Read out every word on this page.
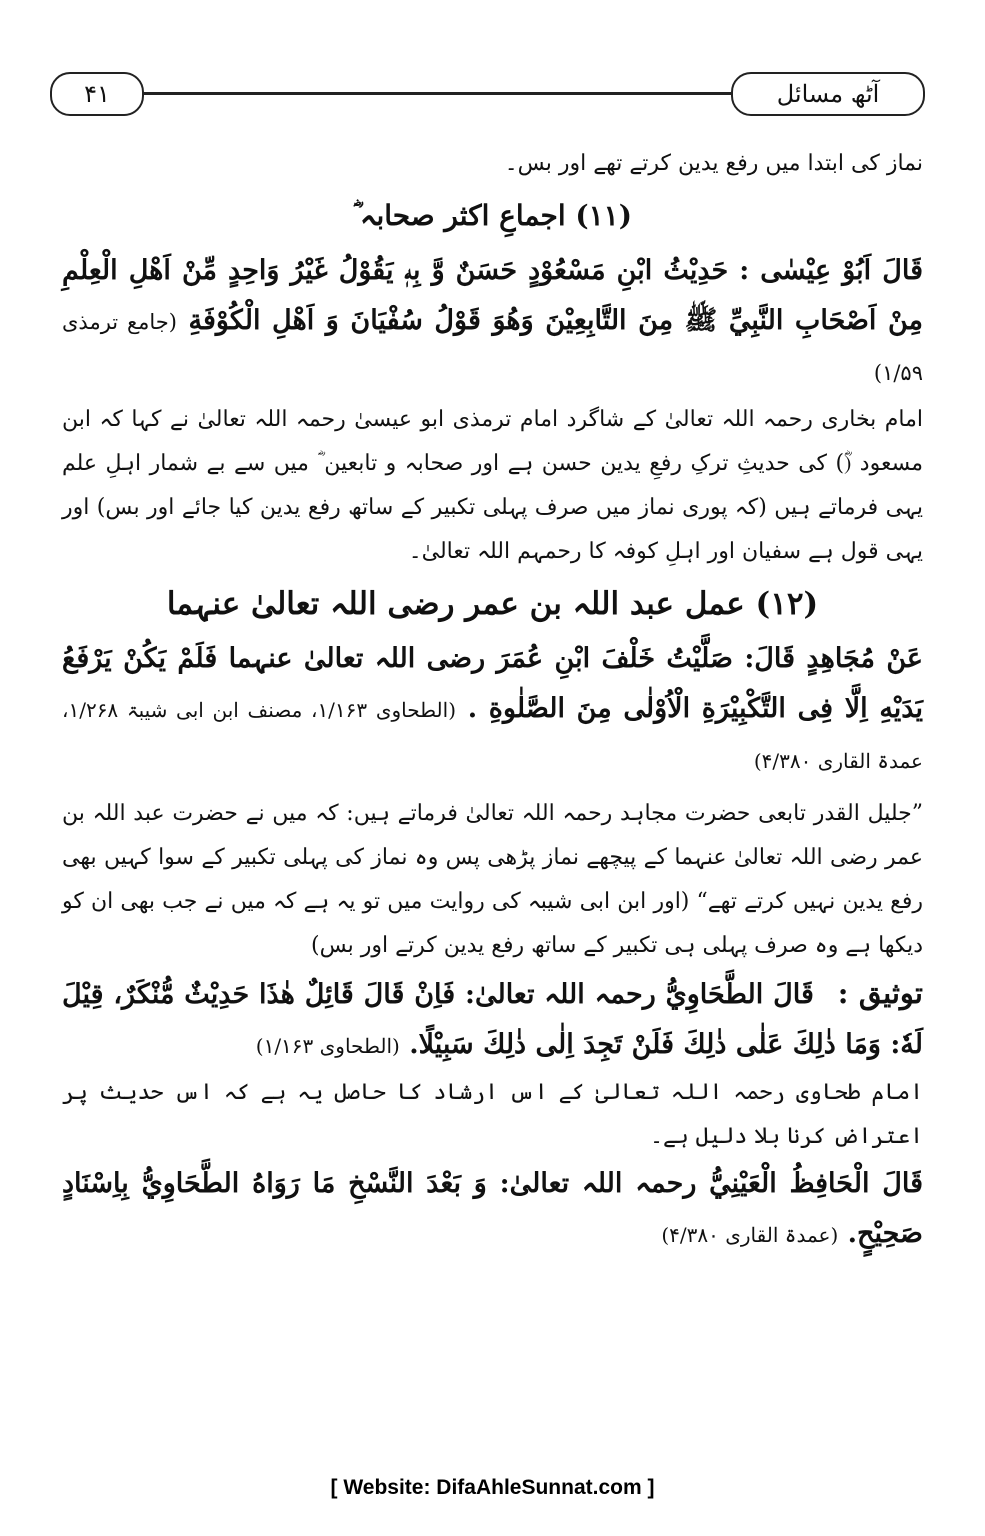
۴۱	آٹھ مسائل

نماز کی ابتدا میں رفع یدین کرتے تھے اور بس۔

(۱۱) اجماعِ اکثر صحابہ ؓ

قَالَ اَبُوْ عِيْسٰى : حَدِيْثُ ابْنِ مَسْعُوْدٍ حَسَنٌ وَّ بِهٖ يَقُوْلُ غَيْرُ وَاحِدٍ مِّنْ اَهْلِ الْعِلْمِ مِنْ اَصْحَابِ النَّبِيِّ ﷺ مِنَ التَّابِعِيْنَ وَهُوَ قَوْلُ سُفْيَانَ وَ اَهْلِ الْكُوْفَةِ (جامع ترمذی ۱/۵۹)

امام بخاری رحمہ اللہ تعالیٰ کے شاگرد امام ترمذی ابو عیسیٰ رحمہ اللہ تعالیٰ نے کہا کہ ابن مسعود (ؓ) کی حدیثِ ترکِ رفعِ یدین حسن ہے اور صحابہ و تابعین ؓ میں سے بے شمار اہلِ علم یہی فرماتے ہیں (کہ پوری نماز میں صرف پہلی تکبیر کے ساتھ رفع یدین کیا جائے اور بس) اور یہی قول ہے سفیان اور اہلِ کوفہ کا رحمہم اللہ تعالیٰ۔

(۱۲) عمل عبد اللہ بن عمر رضی اللہ تعالیٰ عنہما

عَنْ مُجَاهِدٍ قَالَ: صَلَّيْتُ خَلْفَ ابْنِ عُمَرَ رضی اللہ تعالیٰ عنہما فَلَمْ يَكُنْ يَرْفَعُ يَدَيْهِ اِلَّا فِى التَّكْبِيْرَةِ الْاُوْلٰى مِنَ الصَّلٰوةِ . (الطحاوی ۱/۱۶۳، مصنف ابن ابی شیبۃ ۱/۲۶۸، عمدۃ القاری ۴/۳۸۰)

”جلیل القدر تابعی حضرت مجاہد رحمہ اللہ تعالیٰ فرماتے ہیں: کہ میں نے حضرت عبد اللہ بن عمر رضی اللہ تعالیٰ عنہما کے پیچھے نماز پڑھی پس وہ نماز کی پہلی تکبیر کے سوا کہیں بھی رفع یدین نہیں کرتے تھے“ (اور ابن ابی شیبہ کی روایت میں تو یہ ہے کہ میں نے جب بھی ان کو دیکھا ہے وہ صرف پہلی ہی تکبیر کے ساتھ رفع یدین کرتے اور بس)

توثیق : قَالَ الطَّحَاوِيُّ رحمہ اللہ تعالیٰ: فَاِنْ قَالَ قَائِلٌ هٰذَا حَدِيْثٌ مُّنْكَرٌ، قِيْلَ لَهٗ: وَمَا ذٰلِكَ عَلٰى ذٰلِكَ فَلَنْ تَجِدَ اِلٰى ذٰلِكَ سَبِيْلًا. (الطحاوی ۱/۱۶۳)

امام طحاوی رحمہ اللہ تعالیٰ کے اس ارشاد کا حاصل یہ ہے کہ اس حدیث پر اعتراض کرنا بلا دلیل ہے۔

قَالَ الْحَافِظُ الْعَيْنِيُّ رحمہ اللہ تعالیٰ: وَ بَعْدَ النَّسْخِ مَا رَوَاهُ الطَّحَاوِيُّ بِاِسْنَادٍ صَحِيْحٍ. (عمدۃ القاری ۴/۳۸۰)

[ Website: DifaAhleSunnat.com ]
